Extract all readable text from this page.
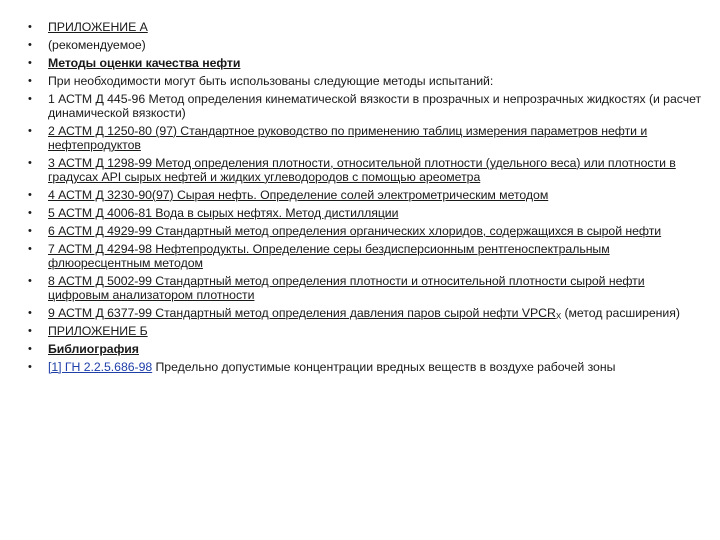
• ПРИЛОЖЕНИЕ А
• (рекомендуемое)
• Методы оценки качества нефти
• При необходимости могут быть использованы следующие методы испытаний:
• 1 АСТМ Д 445-96 Метод определения кинематической вязкости в прозрачных и непрозрачных жидкостях (и расчет динамической вязкости)
• 2 АСТМ Д 1250-80 (97) Стандартное руководство по применению таблиц измерения параметров нефти и нефтепродуктов
• 3 АСТМ Д 1298-99 Метод определения плотности, относительной плотности (удельного веса) или плотности в градусах API сырых нефтей и жидких углеводородов с помощью ареометра
• 4 АСТМ Д 3230-90(97) Сырая нефть. Определение солей электрометрическим методом
• 5 АСТМ Д 4006-81 Вода в сырых нефтях. Метод дистилляции
• 6 АСТМ Д 4929-99 Стандартный метод определения органических хлоридов, содержащихся в сырой нефти
• 7 АСТМ Д 4294-98 Нефтепродукты. Определение серы бездисперсионным рентгеноспектральным флюоресцентным методом
• 8 АСТМ Д 5002-99 Стандартный метод определения плотности и относительной плотности сырой нефти цифровым анализатором плотности
• 9 АСТМ Д 6377-99 Стандартный метод определения давления паров сырой нефти $VPCR_X$ (метод расширения)
• ПРИЛОЖЕНИЕ Б
• Библиография
• [1] ГН 2.2.5.686-98 Предельно допустимые концентрации вредных веществ в воздухе рабочей зоны
